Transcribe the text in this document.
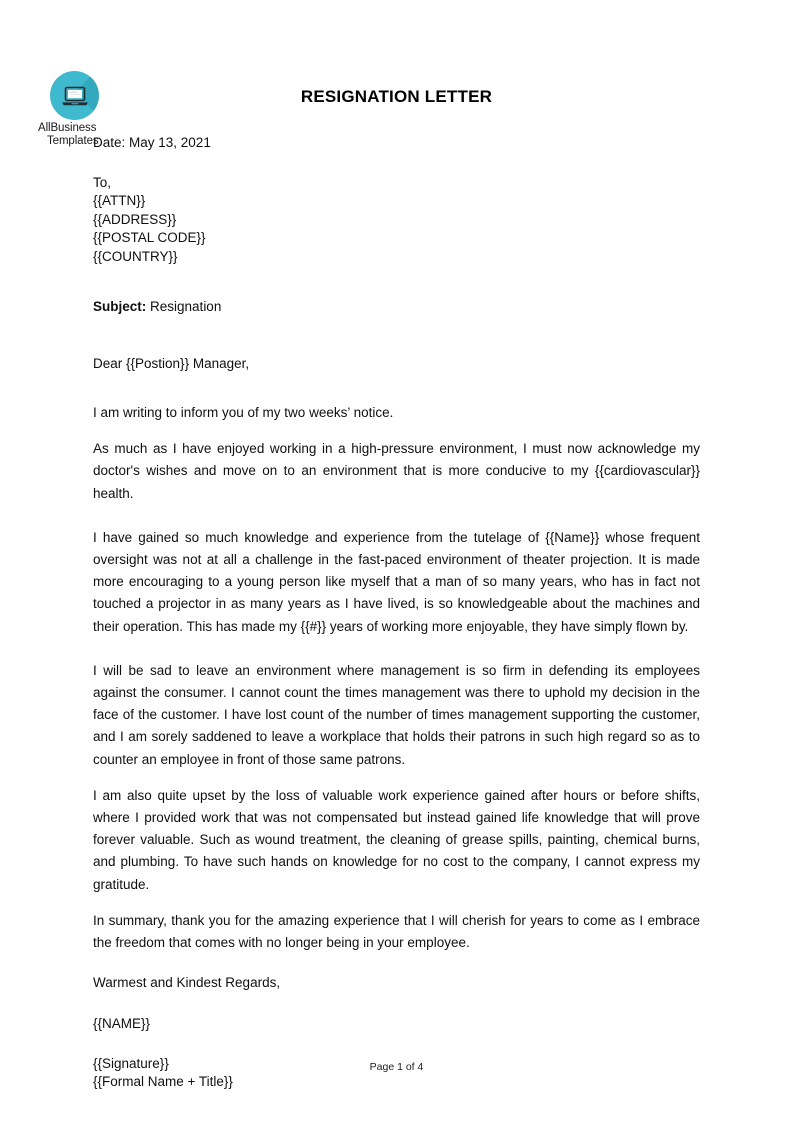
AllBusiness
Templates
RESIGNATION LETTER
Date: May 13, 2021
To,
{{ATTN}}
{{ADDRESS}}
{{POSTAL CODE}}
{{COUNTRY}}
Subject: Resignation
Dear {{Postion}} Manager,

I am writing to inform you of my two weeks’ notice.

As much as I have enjoyed working in a high-pressure environment, I must now acknowledge my doctor's wishes and move on to an environment that is more conducive to my {{cardiovascular}} health.

I have gained so much knowledge and experience from the tutelage of {{Name}} whose frequent oversight was not at all a challenge in the fast-paced environment of theater projection. It is made more encouraging to a young person like myself that a man of so many years, who has in fact not touched a projector in as many years as I have lived, is so knowledgeable about the machines and their operation. This has made my {{#}} years of working more enjoyable, they have simply flown by.

I will be sad to leave an environment where management is so firm in defending its employees against the consumer. I cannot count the times management was there to uphold my decision in the face of the customer. I have lost count of the number of times management supporting the customer, and I am sorely saddened to leave a workplace that holds their patrons in such high regard so as to counter an employee in front of those same patrons.

I am also quite upset by the loss of valuable work experience gained after hours or before shifts, where I provided work that was not compensated but instead gained life knowledge that will prove forever valuable. Such as wound treatment, the cleaning of grease spills, painting, chemical burns, and plumbing. To have such hands on knowledge for no cost to the company, I cannot express my gratitude.

In summary, thank you for the amazing experience that I will cherish for years to come as I embrace the freedom that comes with no longer being in your employee.

Warmest and Kindest Regards,
{{NAME}}
{{Signature}}
{{Formal Name + Title}}
Page 1 of 4
